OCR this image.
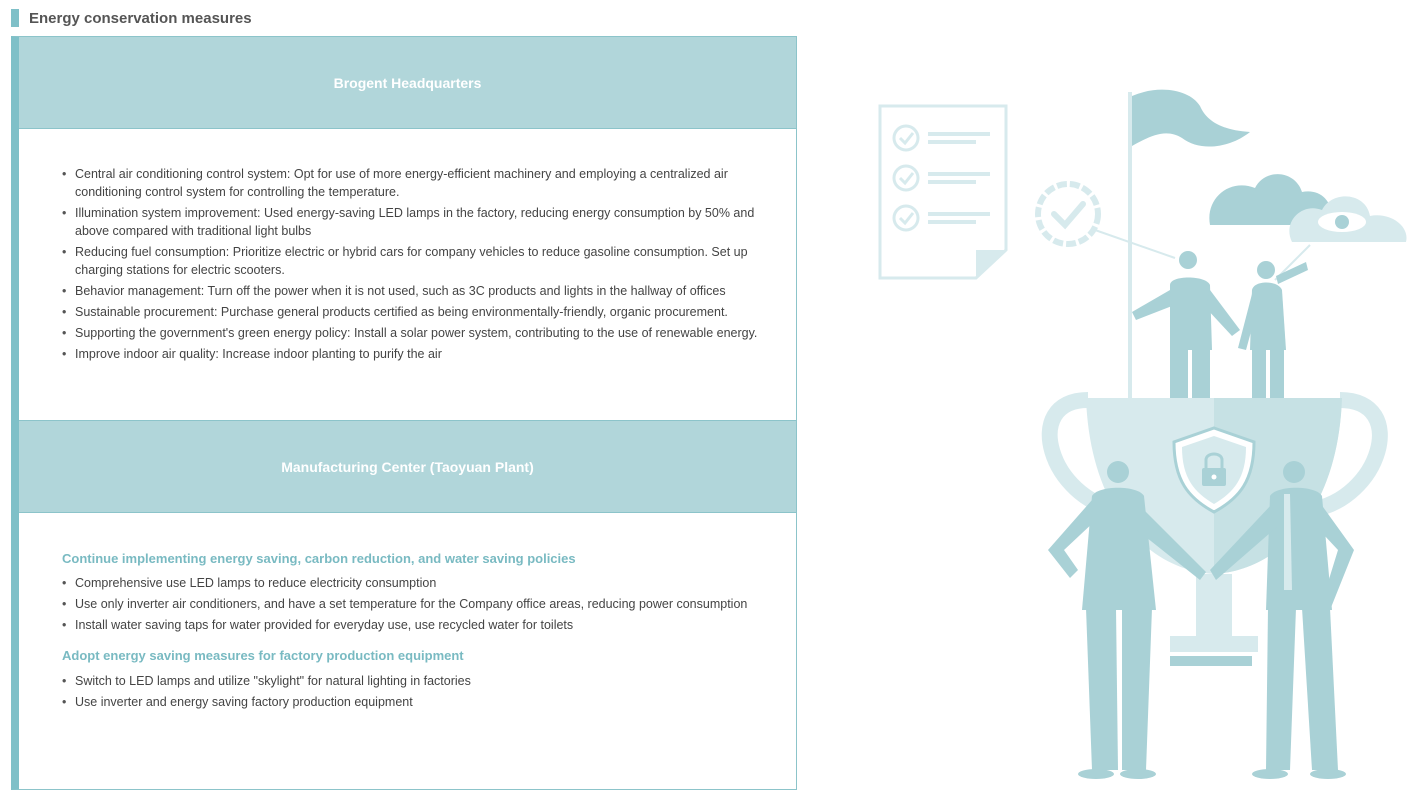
Energy conservation measures
Brogent Headquarters
• Central air conditioning control system: Opt for use of more energy-efficient machinery and employing a centralized air conditioning control system for controlling the temperature.
• Illumination system improvement: Used energy-saving LED lamps in the factory, reducing energy consumption by 50% and above compared with traditional light bulbs
• Reducing fuel consumption: Prioritize electric or hybrid cars for company vehicles to reduce gasoline consumption. Set up charging stations for electric scooters.
• Behavior management: Turn off the power when it is not used, such as 3C products and lights in the hallway of offices
• Sustainable procurement: Purchase general products certified as being environmentally-friendly, organic procurement.
• Supporting the government's green energy policy: Install a solar power system, contributing to the use of renewable energy.
• Improve indoor air quality: Increase indoor planting to purify the air
Manufacturing Center (Taoyuan Plant)
Continue implementing energy saving, carbon reduction, and water saving policies
• Comprehensive use LED lamps to reduce electricity consumption
• Use only inverter air conditioners, and have a set temperature for the Company office areas, reducing power consumption
• Install water saving taps for water provided for everyday use, use recycled water for toilets
Adopt energy saving measures for factory production equipment
• Switch to LED lamps and utilize "skylight" for natural lighting in factories
• Use inverter and energy saving factory production equipment
